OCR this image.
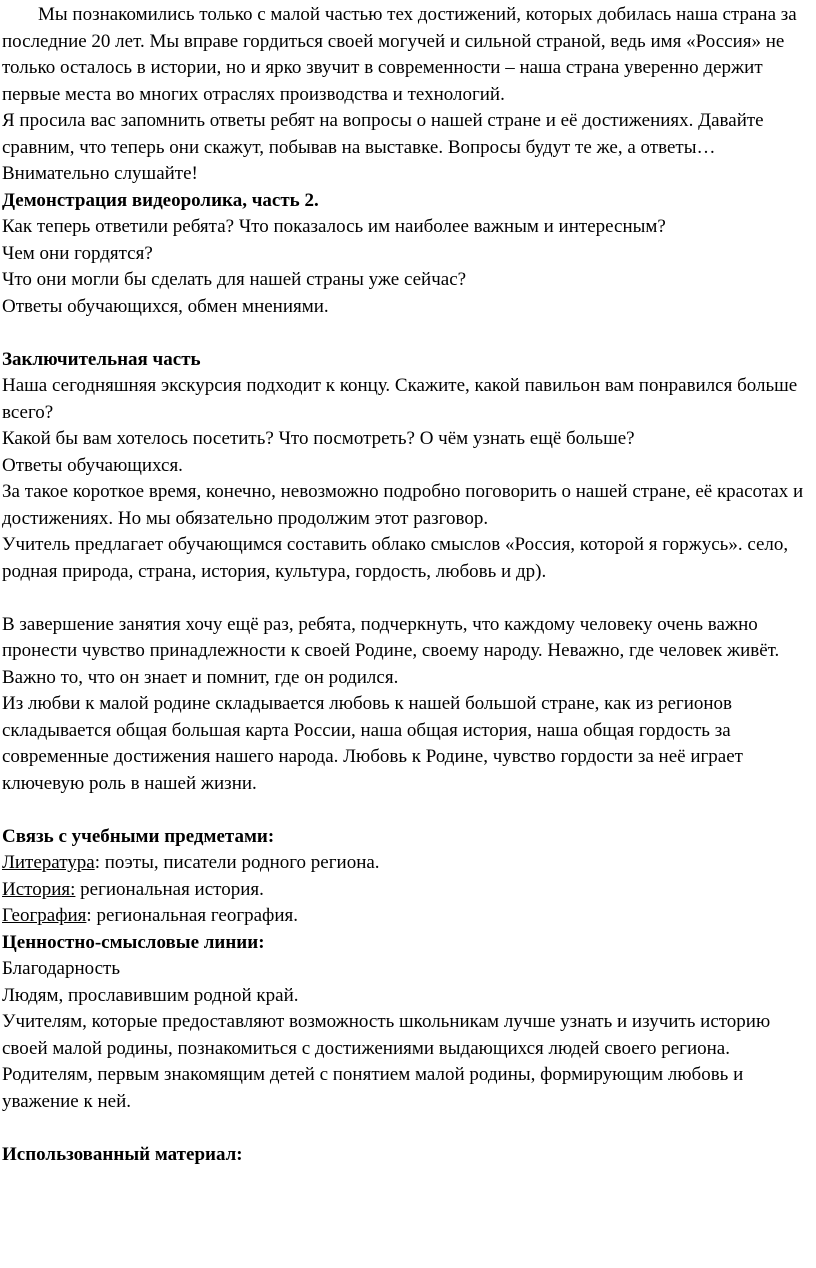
Мы познакомились только с малой частью тех достижений, которых добилась наша страна за последние 20 лет. Мы вправе гордиться своей могучей и сильной страной, ведь имя «Россия» не только осталось в истории, но и ярко звучит в современности – наша страна уверенно держит первые места во многих отраслях производства и технологий.

Я просила вас запомнить ответы ребят на вопросы о нашей стране и её достижениях. Давайте сравним, что теперь они скажут, побывав на выставке. Вопросы будут те же, а ответы… Внимательно слушайте!

Демонстрация видеоролика, часть 2.

Как теперь ответили ребята? Что показалось им наиболее важным и интересным?

Чем они гордятся?

Что они могли бы сделать для нашей страны уже сейчас?

Ответы обучающихся, обмен мнениями.

Заключительная часть

Наша сегодняшняя экскурсия подходит к концу. Скажите, какой павильон вам понравился больше всего?

Какой бы вам хотелось посетить? Что посмотреть? О чём узнать ещё больше?

Ответы обучающихся.

За такое короткое время, конечно, невозможно подробно поговорить о нашей стране, её красотах и достижениях. Но мы обязательно продолжим этот разговор.

Учитель предлагает обучающимся составить облако смыслов «Россия, которой я горжусь». село, родная природа, страна, история, культура, гордость, любовь и др).

В завершение занятия хочу ещё раз, ребята, подчеркнуть, что каждому человеку очень важно пронести чувство принадлежности к своей Родине, своему народу. Неважно, где человек живёт. Важно то, что он знает и помнит, где он родился.

Из любви к малой родине складывается любовь к нашей большой стране, как из регионов складывается общая большая карта России, наша общая история, наша общая гордость за современные достижения нашего народа. Любовь к Родине, чувство гордости за неё играет ключевую роль в нашей жизни.

Связь с учебными предметами:

Литература: поэты, писатели родного региона.

История: региональная история.

География: региональная география.

Ценностно-смысловые линии:

Благодарность

Людям, прославившим родной край.

Учителям, которые предоставляют возможность школьникам лучше узнать и изучить историю своей малой родины, познакомиться с достижениями выдающихся людей своего региона.

Родителям, первым знакомящим детей с понятием малой родины, формирующим любовь и уважение к ней.

Использованный материал:
